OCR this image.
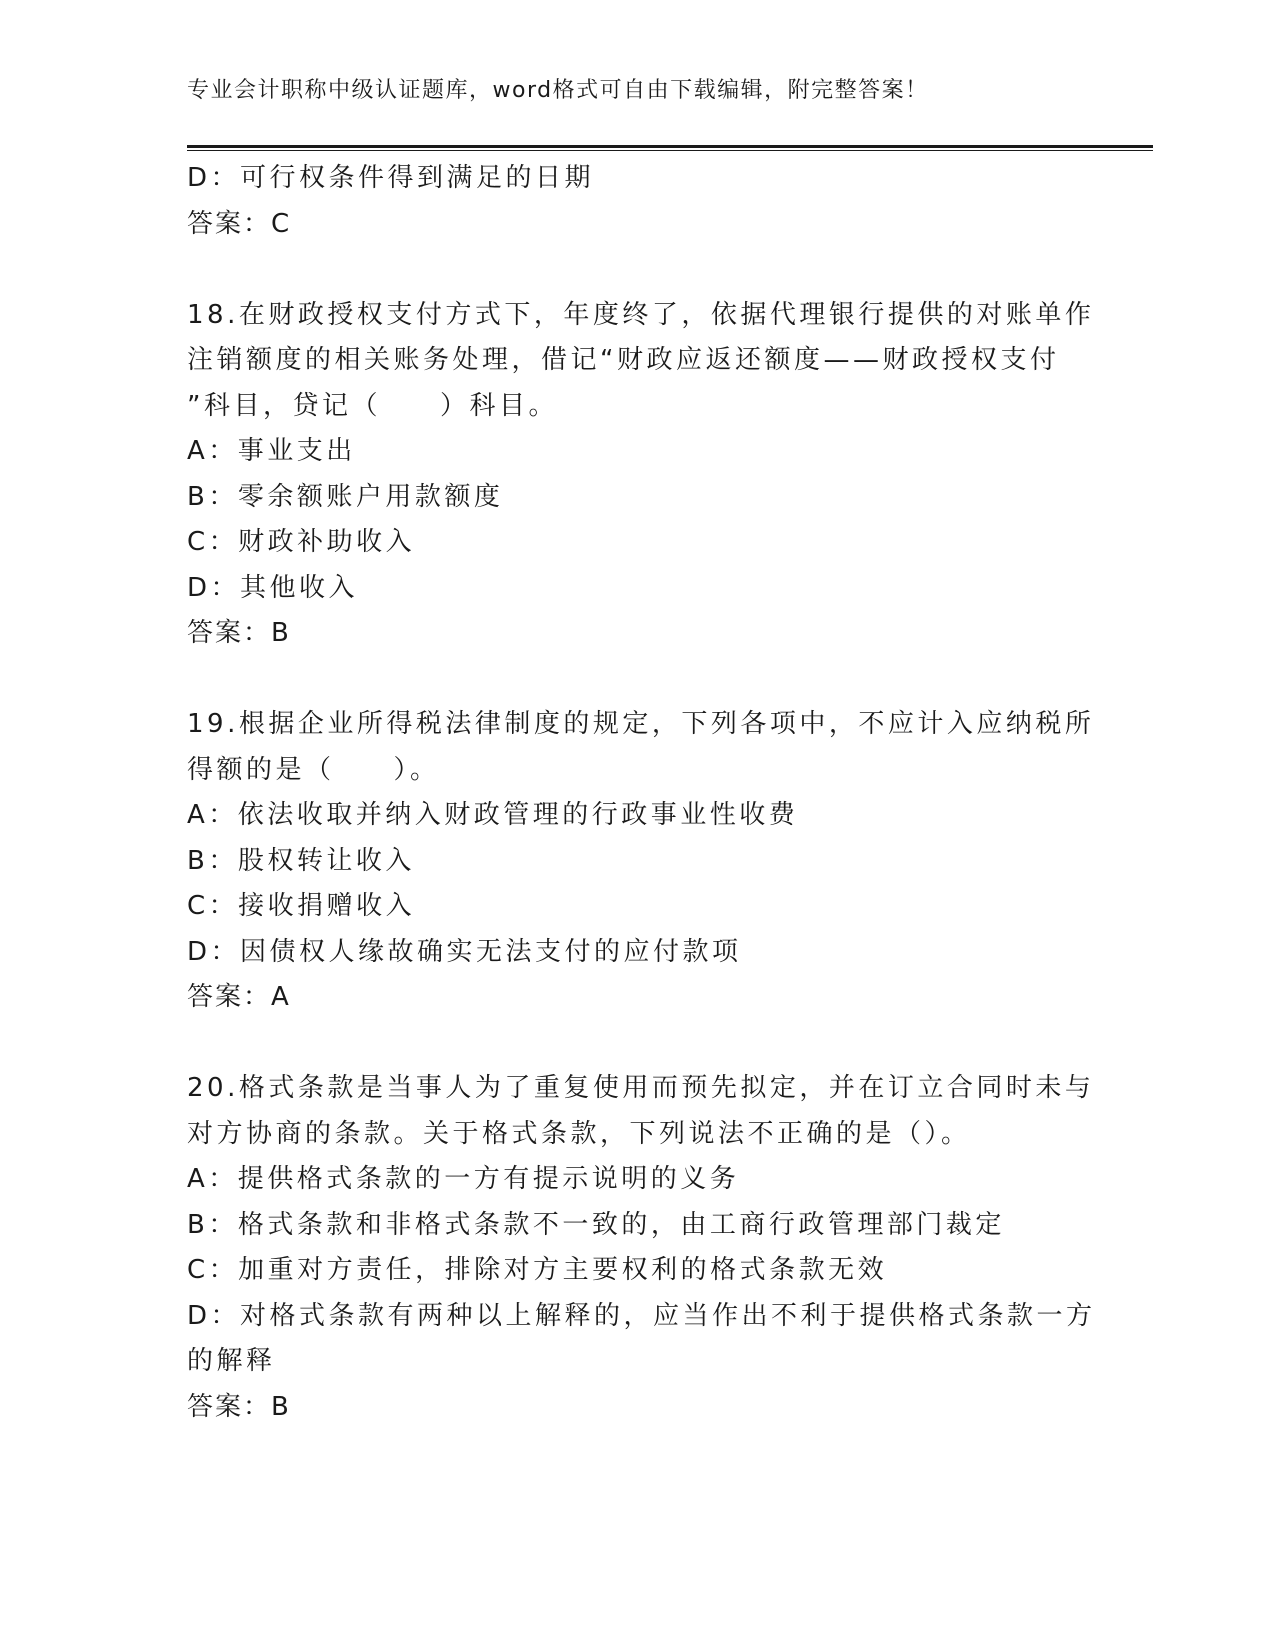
专业会计职称中级认证题库，word格式可自由下载编辑，附完整答案！
D：可行权条件得到满足的日期
答案：C
18.在财政授权支付方式下，年度终了，依据代理银行提供的对账单作
注销额度的相关账务处理，借记“财政应返还额度——财政授权支付
”科目，贷记（　　）科目。
A：事业支出
B：零余额账户用款额度
C：财政补助收入
D：其他收入
答案：B
19.根据企业所得税法律制度的规定，下列各项中，不应计入应纳税所
得额的是（　　）。
A：依法收取并纳入财政管理的行政事业性收费
B：股权转让收入
C：接收捐赠收入
D：因债权人缘故确实无法支付的应付款项
答案：A
20.格式条款是当事人为了重复使用而预先拟定，并在订立合同时未与
对方协商的条款。关于格式条款，下列说法不正确的是（）。
A：提供格式条款的一方有提示说明的义务
B：格式条款和非格式条款不一致的，由工商行政管理部门裁定
C：加重对方责任，排除对方主要权利的格式条款无效
D：对格式条款有两种以上解释的，应当作出不利于提供格式条款一方
的解释
答案：B
